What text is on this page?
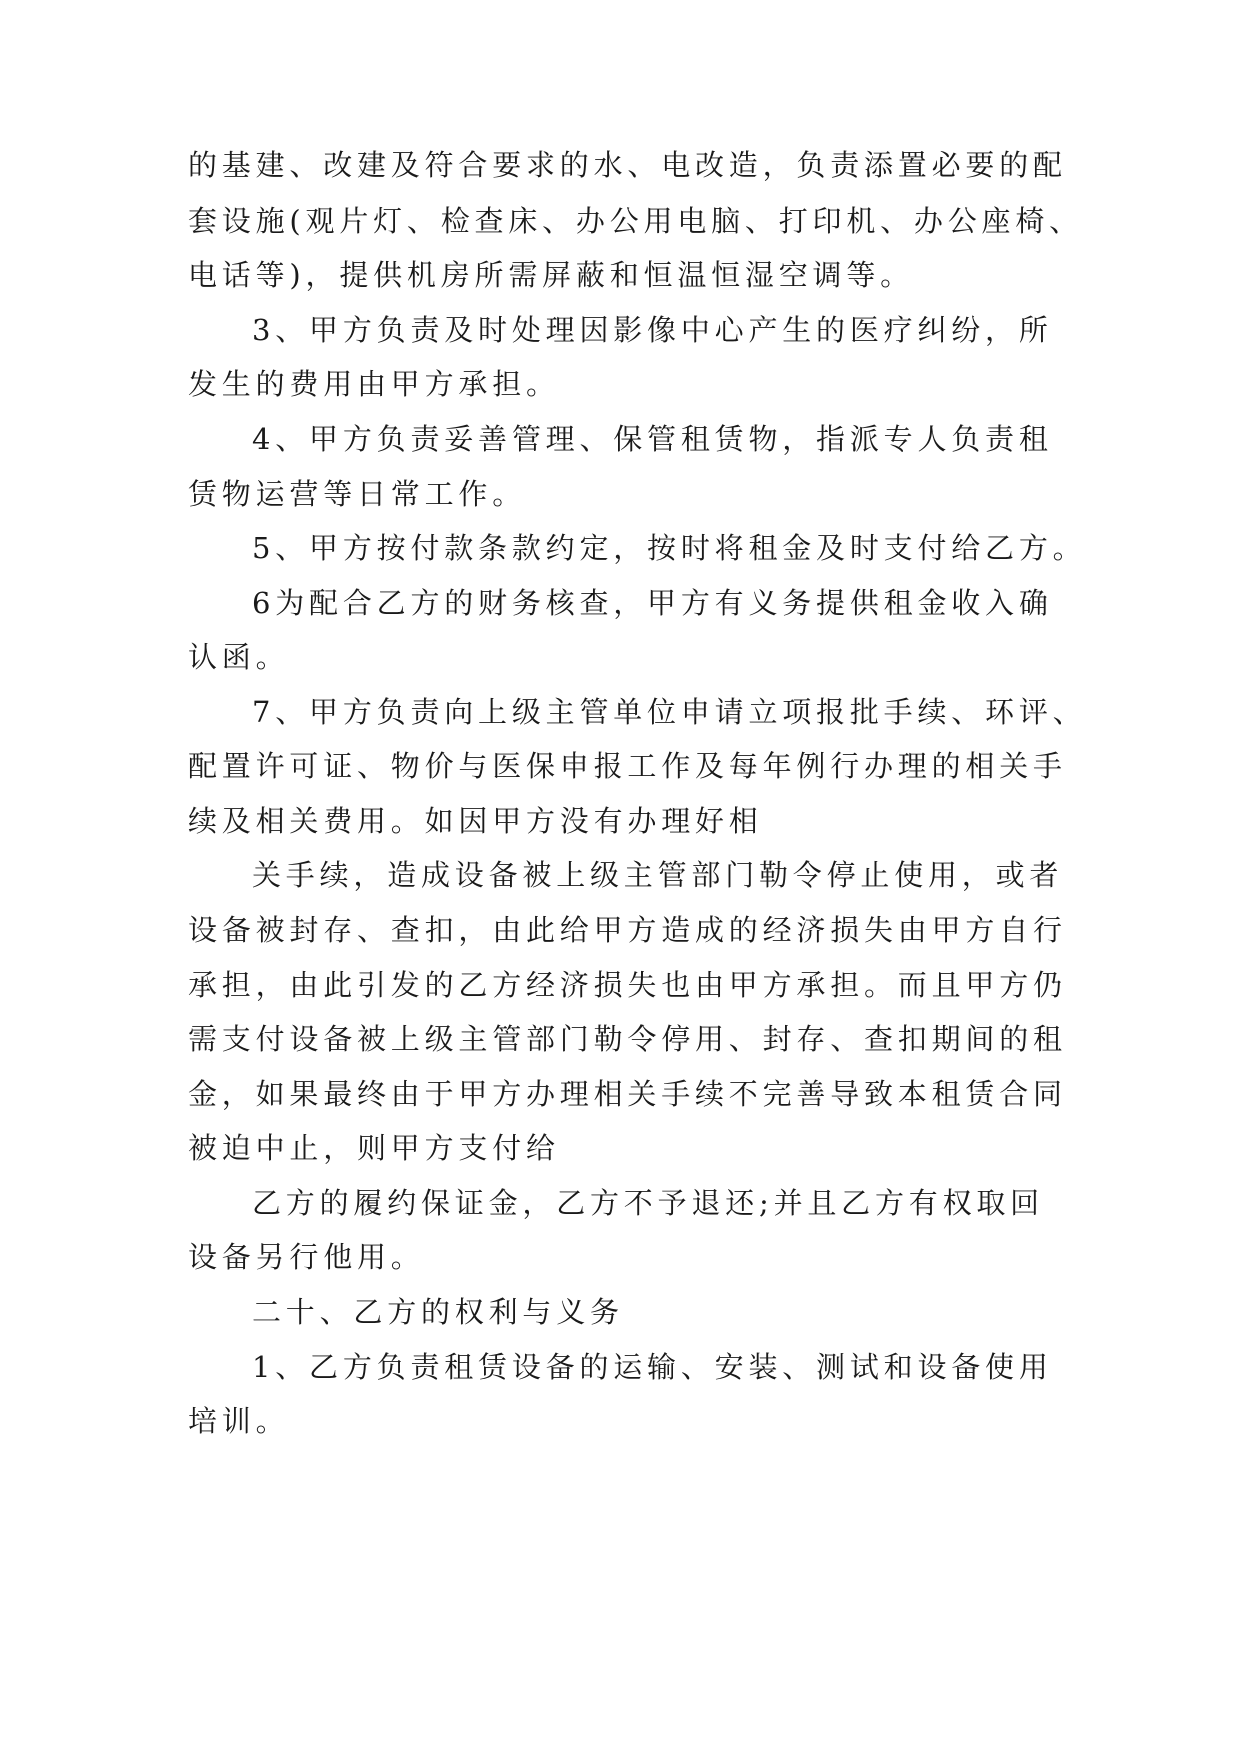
的基建、改建及符合要求的水、电改造，负责添置必要的配
套设施(观片灯、检查床、办公用电脑、打印机、办公座椅、
电话等)，提供机房所需屏蔽和恒温恒湿空调等。
3、甲方负责及时处理因影像中心产生的医疗纠纷，所
发生的费用由甲方承担。
4、甲方负责妥善管理、保管租赁物，指派专人负责租
赁物运营等日常工作。
5、甲方按付款条款约定，按时将租金及时支付给乙方。
6为配合乙方的财务核查，甲方有义务提供租金收入确
认函。
7、甲方负责向上级主管单位申请立项报批手续、环评、
配置许可证、物价与医保申报工作及每年例行办理的相关手
续及相关费用。如因甲方没有办理好相
关手续，造成设备被上级主管部门勒令停止使用，或者
设备被封存、查扣，由此给甲方造成的经济损失由甲方自行
承担，由此引发的乙方经济损失也由甲方承担。而且甲方仍
需支付设备被上级主管部门勒令停用、封存、查扣期间的租
金，如果最终由于甲方办理相关手续不完善导致本租赁合同
被迫中止，则甲方支付给
乙方的履约保证金，乙方不予退还;并且乙方有权取回
设备另行他用。
二十、乙方的权利与义务
1、乙方负责租赁设备的运输、安装、测试和设备使用
培训。
